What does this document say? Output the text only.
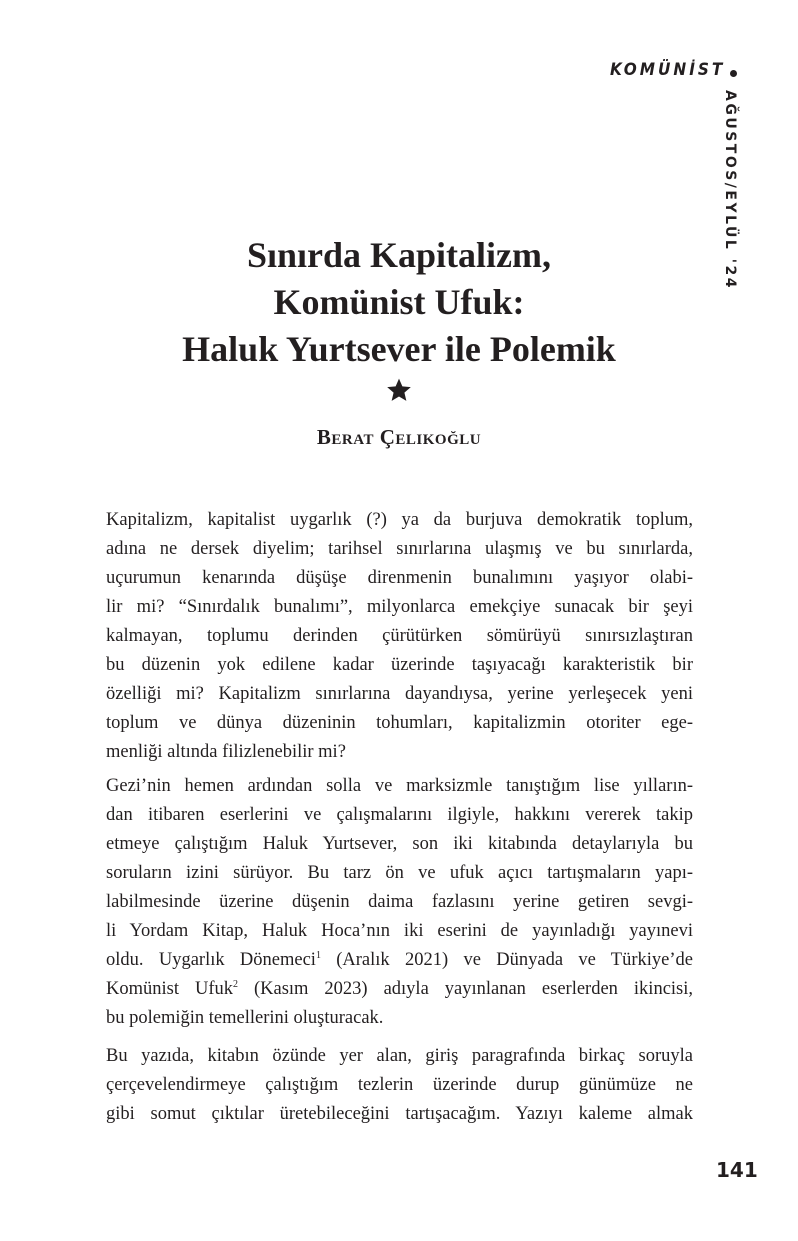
KOMÜNİST
AĞUSTOS/EYLÜL '24
Sınırda Kapitalizm,
Komünist Ufuk:
Haluk Yurtsever ile Polemik
Berat Çelikoğlu
Kapitalizm, kapitalist uygarlık (?) ya da burjuva demokratik toplum,
adına ne dersek diyelim; tarihsel sınırlarına ulaşmış ve bu sınırlarda,
uçurumun kenarında düşüşe direnmenin bunalımını yaşıyor olabi-
lir mi? “Sınırdalık bunalımı”, milyonlarca emekçiye sunacak bir şeyi
kalmayan, toplumu derinden çürütürken sömürüyü sınırsızlaştıran
bu düzenin yok edilene kadar üzerinde taşıyacağı karakteristik bir
özelliği mi? Kapitalizm sınırlarına dayandıysa, yerine yerleşecek yeni
toplum ve dünya düzeninin tohumları, kapitalizmin otoriter ege-
menliği altında filizlenebilir mi?
Gezi’nin hemen ardından solla ve marksizmle tanıştığım lise yılların-
dan itibaren eserlerini ve çalışmalarını ilgiyle, hakkını vererek takip
etmeye çalıştığım Haluk Yurtsever, son iki kitabında detaylarıyla bu
soruların izini sürüyor. Bu tarz ön ve ufuk açıcı tartışmaların yapı-
labilmesinde üzerine düşenin daima fazlasını yerine getiren sevgi-
li Yordam Kitap, Haluk Hoca’nın iki eserini de yayınladığı yayınevi
oldu. Uygarlık Dönemeci$^1$ (Aralık 2021) ve Dünyada ve Türkiye’de
Komünist Ufuk$^2$ (Kasım 2023) adıyla yayınlanan eserlerden ikincisi,
bu polemiğin temellerini oluşturacak.
Bu yazıda, kitabın özünde yer alan, giriş paragrafında birkaç soruyla
çerçevelendirmeye çalıştığım tezlerin üzerinde durup günümüze ne
gibi somut çıktılar üretebileceğini tartışacağım. Yazıyı kaleme almak
141
